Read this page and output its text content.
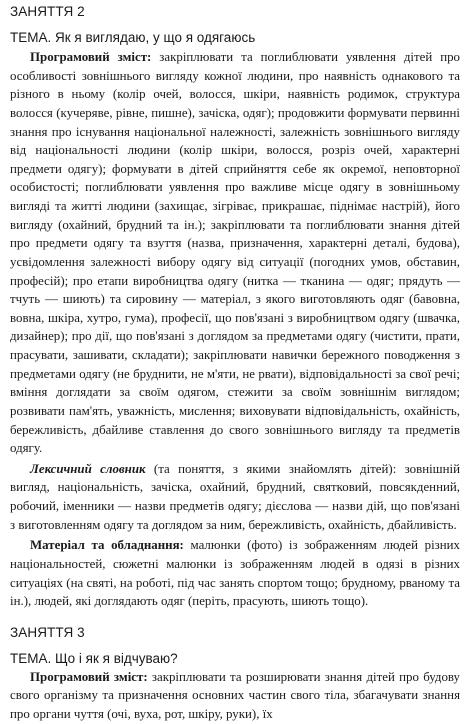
ЗАНЯТТЯ 2
ТЕМА. Як я виглядаю, у що я одягаюсь

Програмовий зміст: закріплювати та поглиблювати уявлення дітей про особливості зовнішнього вигляду кожної людини, про наявність однакового та різного в ньому (колір очей, волосся, шкіри, наявність родимок, структура волосся (кучеряве, рівне, пишне), зачіска, одяг); продовжити формувати первинні знання про існування національної належності, залежність зовнішнього вигляду від національності людини (колір шкіри, волосся, розріз очей, характерні предмети одягу); формувати в дітей сприйняття себе як окремої, неповторної особистості; поглиблювати уявлення про важливе місце одягу в зовнішньому вигляді та житті людини (захищає, зігріває, прикрашає, піднімає настрій), його вигляду (охайний, брудний та ін.); закріплювати та поглиблювати знання дітей про предмети одягу та взуття (назва, призначення, характерні деталі, будова), усвідомлення залежності вибору одягу від ситуації (погодних умов, обставин, професій); про етапи виробництва одягу (нитка — тканина — одяг; прядуть — тчуть — шиють) та сировину — матеріал, з якого виготовляють одяг (бавовна, вовна, шкіра, хутро, гума), професії, що пов'язані з виробництвом одягу (швачка, дизайнер); про дії, що пов'язані з доглядом за предметами одягу (чистити, прати, прасувати, зашивати, складати); закріплювати навички бережного поводження з предметами одягу (не бруднити, не м'яти, не рвати), відповідальності за свої речі; вміння доглядати за своїм одягом, стежити за своїм зовнішнім виглядом; розвивати пам'ять, уважність, мислення; виховувати відповідальність, охайність, бережливість, дбайливе ставлення до свого зовнішнього вигляду та предметів одягу.

Лексичний словник (та поняття, з якими знайомлять дітей): зовнішній вигляд, національність, зачіска, охайний, брудний, святковий, повсякденний, робочий, іменники — назви предметів одягу; дієслова — назви дій, що пов'язані з виготовленням одягу та доглядом за ним, бережливість, охайність, дбайливість.

Матеріал та обладнання: малюнки (фото) із зображенням людей різних національностей, сюжетні малюнки із зображенням людей в одязі в різних ситуаціях (на святі, на роботі, під час занять спортом тощо; брудному, рваному та ін.), людей, які доглядають одяг (періть, прасують, шиють тощо).

ЗАНЯТТЯ 3
ТЕМА. Що і як я відчуваю?

Програмовий зміст: закріплювати та розширювати знання дітей про будову свого організму та призначення основних частин свого тіла, збагачувати знання про органи чуття (очі, вуха, рот, шкіру, руки), їх
